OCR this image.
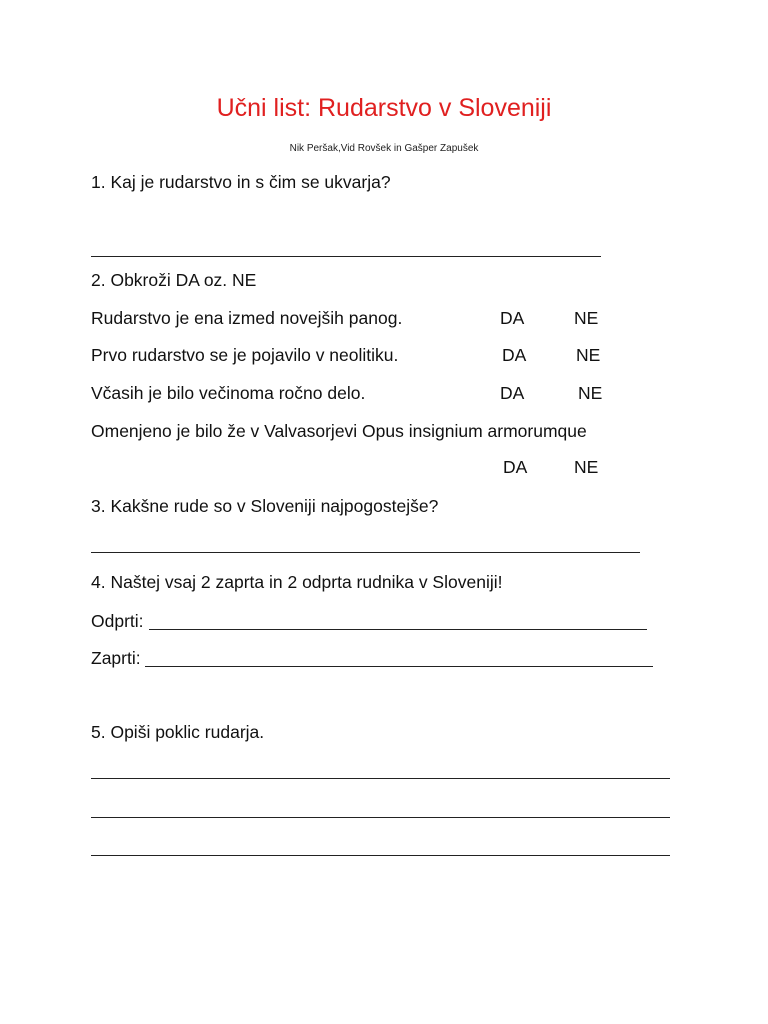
Učni list: Rudarstvo v Sloveniji
Nik Peršak,Vid Rovšek in Gašper Zapušek
1. Kaj je rudarstvo in s čim se ukvarja?
2. Obkroži DA oz. NE
Rudarstvo je ena izmed novejših panog.	DA	NE
Prvo rudarstvo se je pojavilo v neolitiku.	DA	NE
Včasih je bilo večinoma ročno delo.	DA	NE
Omenjeno je bilo že v Valvasorjevi Opus insignium armorumque
DA	NE
3. Kakšne rude so v Sloveniji najpogostejše?
4. Naštej vsaj 2 zaprta in 2 odprta rudnika v Sloveniji!
Odprti:
Zaprti:
5. Opiši poklic rudarja.
